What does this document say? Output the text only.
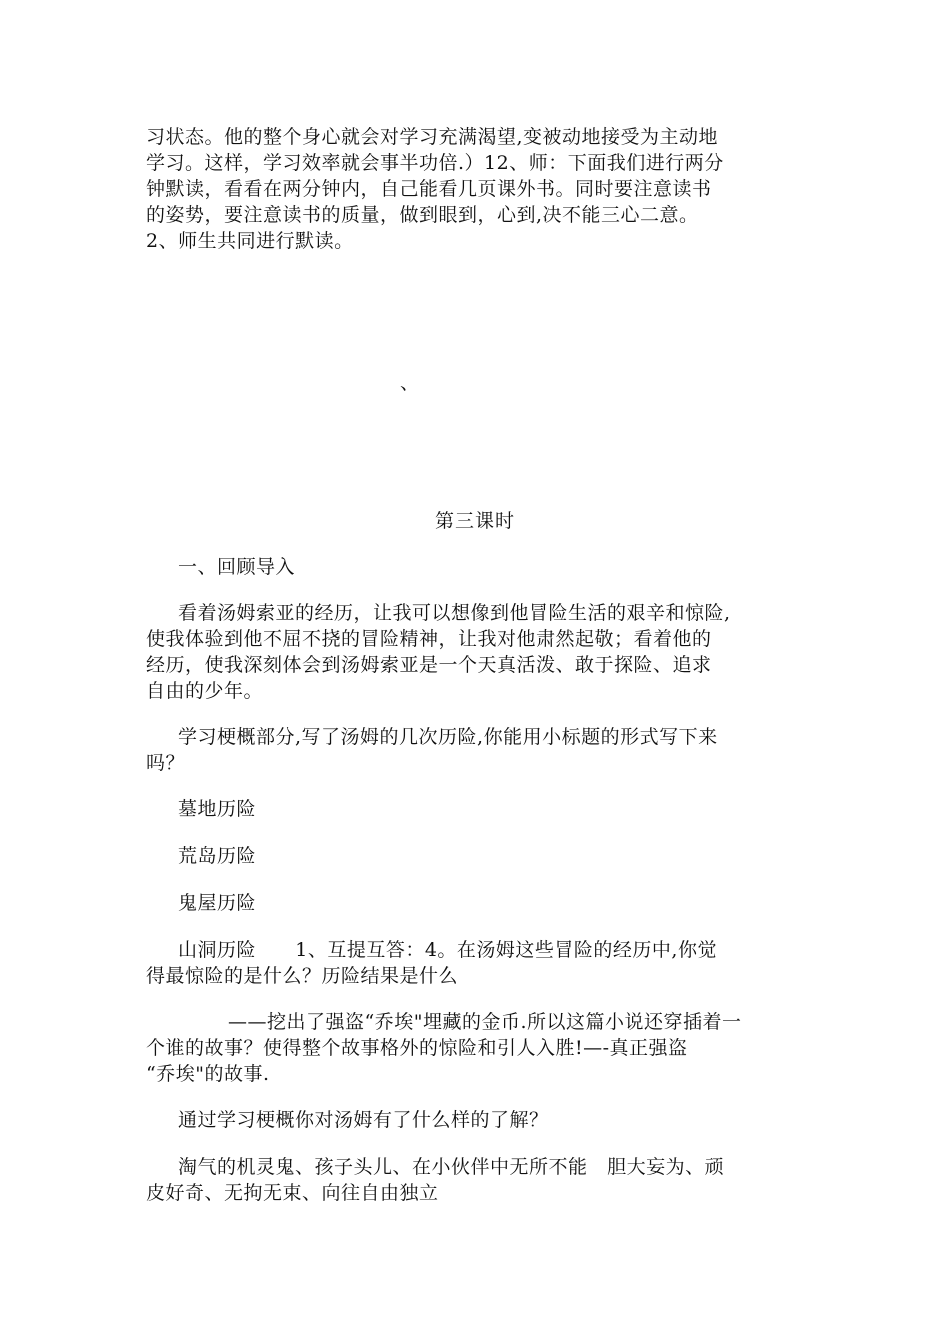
习状态。他的整个身心就会对学习充满渴望,变被动地接受为主动地
学习。这样，学习效率就会事半功倍.）12、师：下面我们进行两分
钟默读，看看在两分钟内，自己能看几页课外书。同时要注意读书
的姿势，要注意读书的质量，做到眼到，心到,决不能三心二意。
2、师生共同进行默读。
、
第三课时
一、回顾导入
看着汤姆索亚的经历，让我可以想像到他冒险生活的艰辛和惊险,
使我体验到他不屈不挠的冒险精神，让我对他肃然起敬；看着他的
经历，使我深刻体会到汤姆索亚是一个天真活泼、敢于探险、追求
自由的少年。
学习梗概部分,写了汤姆的几次历险,你能用小标题的形式写下来
吗？
墓地历险
荒岛历险
鬼屋历险
山洞历险      1、互提互答：4。在汤姆这些冒险的经历中,你觉
得最惊险的是什么？历险结果是什么
——挖出了强盗“乔埃"埋藏的金币.所以这篇小说还穿插着一
个谁的故事？使得整个故事格外的惊险和引人入胜!—-真正强盗
“乔埃"的故事.
通过学习梗概你对汤姆有了什么样的了解？
淘气的机灵鬼、孩子头儿、在小伙伴中无所不能   胆大妄为、顽
皮好奇、无拘无束、向往自由独立
